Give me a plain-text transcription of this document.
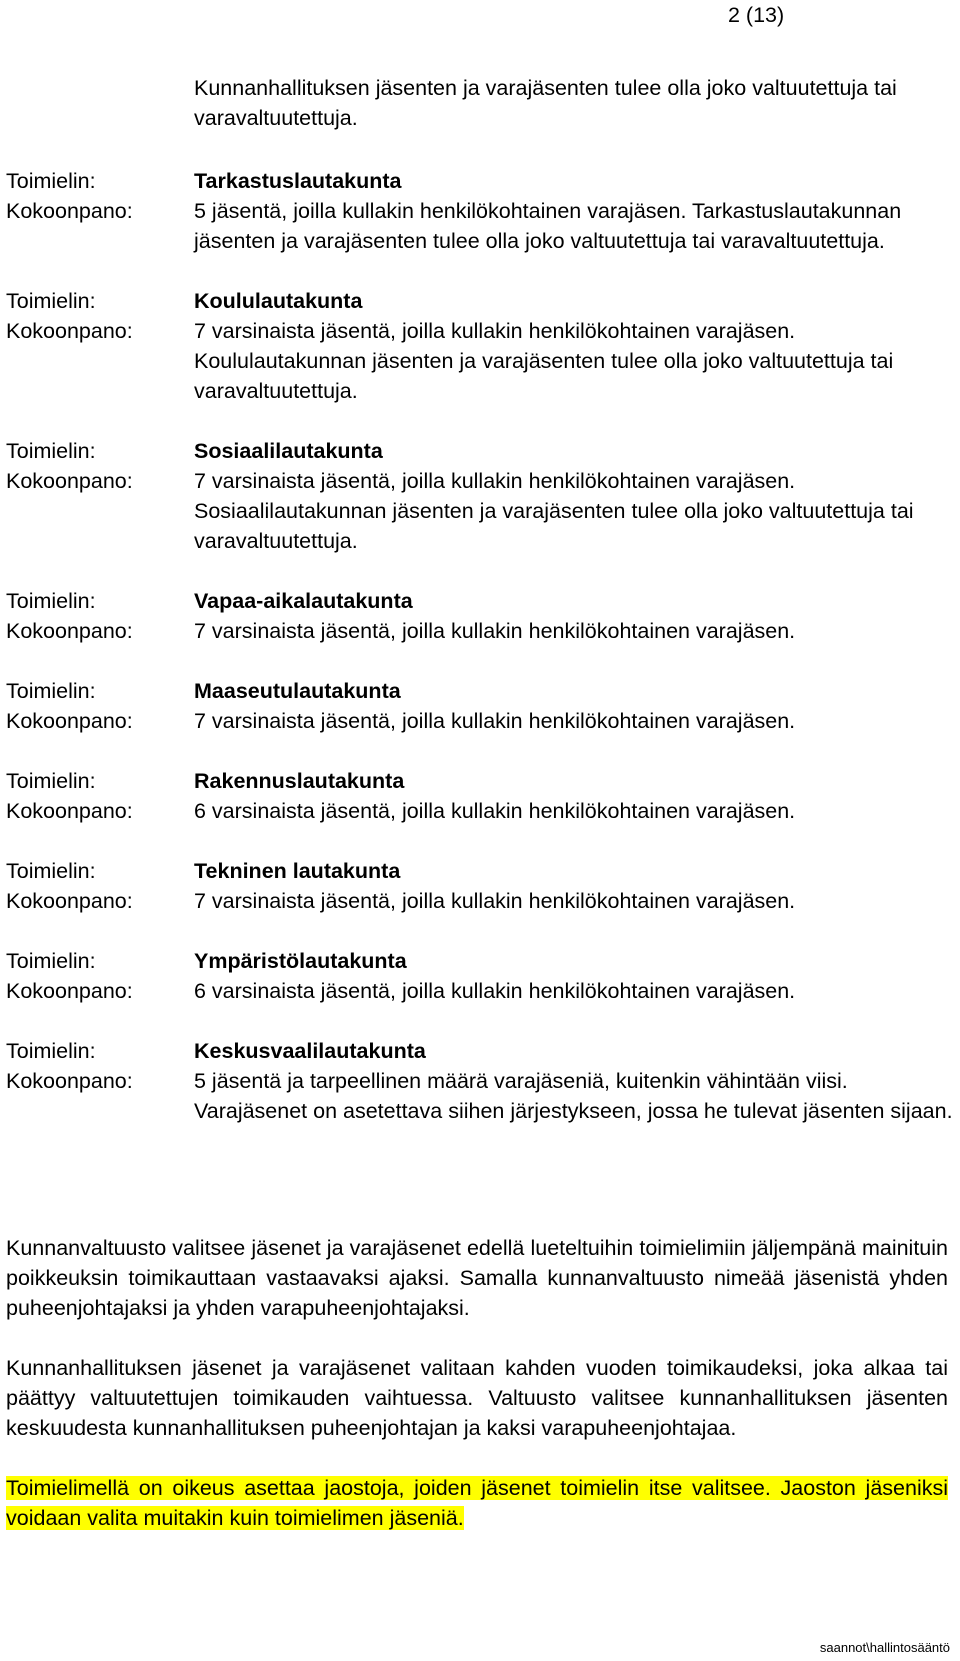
2 (13)
Kunnanhallituksen jäsenten ja varajäsenten tulee olla joko valtuutettuja tai varavaltuutettuja.
Toimielin:
Kokoonpano:
Tarkastuslautakunta
5 jäsentä, joilla kullakin henkilökohtainen varajäsen. Tarkastuslautakunnan jäsenten ja varajäsenten tulee olla joko valtuutettuja tai varavaltuutettuja.
Toimielin:
Kokoonpano:
Koululautakunta
7 varsinaista jäsentä, joilla kullakin henkilökohtainen varajäsen. Koululautakunnan jäsenten ja varajäsenten tulee olla joko valtuutettuja tai varavaltuutettuja.
Toimielin:
Kokoonpano:
Sosiaalilautakunta
7 varsinaista jäsentä, joilla kullakin henkilökohtainen varajäsen. Sosiaalilautakunnan jäsenten ja varajäsenten tulee olla joko valtuutettuja tai varavaltuutettuja.
Toimielin:
Kokoonpano:
Vapaa-aikalautakunta
7 varsinaista jäsentä, joilla kullakin henkilökohtainen varajäsen.
Toimielin:
Kokoonpano:
Maaseutulautakunta
7 varsinaista jäsentä, joilla kullakin henkilökohtainen varajäsen.
Toimielin:
Kokoonpano:
Rakennuslautakunta
6 varsinaista jäsentä, joilla kullakin henkilökohtainen varajäsen.
Toimielin:
Kokoonpano:
Tekninen lautakunta
7 varsinaista jäsentä, joilla kullakin henkilökohtainen varajäsen.
Toimielin:
Kokoonpano:
Ympäristölautakunta
6 varsinaista jäsentä, joilla kullakin henkilökohtainen varajäsen.
Toimielin:
Kokoonpano:
Keskusvaalilautakunta
5 jäsentä ja tarpeellinen määrä varajäseniä, kuitenkin vähintään viisi. Varajäsenet on asetettava siihen järjestykseen, jossa he tulevat jäsenten sijaan.

Kunnanvaltuusto valitsee jäsenet ja varajäsenet edellä lueteltuihin toimielimiin jäljempänä mainituin poikkeuksin toimikauttaan vastaavaksi ajaksi. Samalla kunnanvaltuusto nimeää jäsenistä yhden puheenjohtajaksi ja yhden varapuheenjohtajaksi.

Kunnanhallituksen jäsenet ja varajäsenet valitaan kahden vuoden toimikaudeksi, joka alkaa tai päättyy valtuutettujen toimikauden vaihtuessa. Valtuusto valitsee kunnanhallituksen jäsenten keskuudesta kunnanhallituksen puheenjohtajan ja kaksi varapuheenjohtajaa.

Toimielimellä on oikeus asettaa jaostoja, joiden jäsenet toimielin itse valitsee. Jaoston jäseniksi voidaan valita muitakin kuin toimielimen jäseniä.

saannot\hallintosääntö
